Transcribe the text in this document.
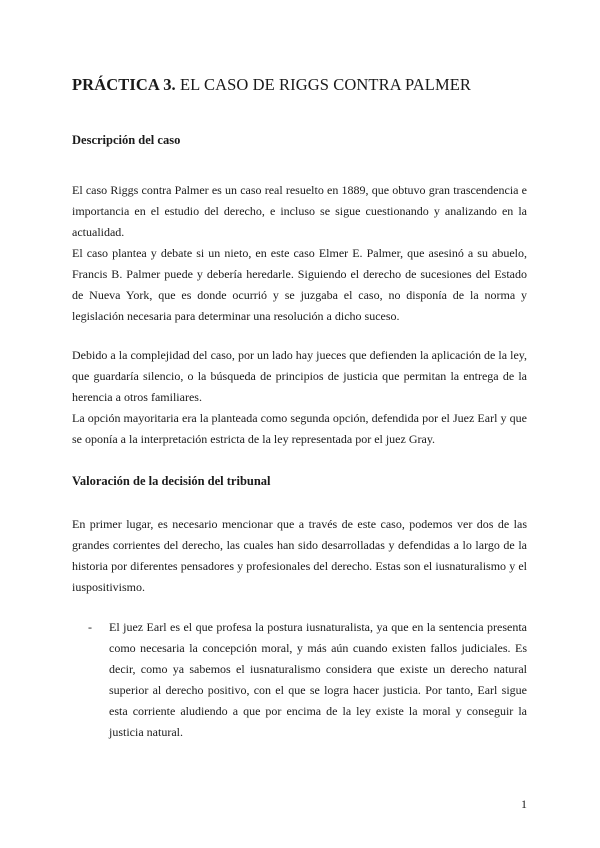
PRÁCTICA 3. EL CASO DE RIGGS CONTRA PALMER
Descripción del caso
El caso Riggs contra Palmer es un caso real resuelto en 1889, que obtuvo gran trascendencia e importancia en el estudio del derecho, e incluso se sigue cuestionando y analizando en la actualidad.
El caso plantea y debate si un nieto, en este caso Elmer E. Palmer, que asesinó a su abuelo, Francis B. Palmer puede y debería heredarle. Siguiendo el derecho de sucesiones del Estado de Nueva York, que es donde ocurrió y se juzgaba el caso, no disponía de la norma y legislación necesaria para determinar una resolución a dicho suceso.
Debido a la complejidad del caso, por un lado hay jueces que defienden la aplicación de la ley, que guardaría silencio, o la búsqueda de principios de justicia que permitan la entrega de la herencia a otros familiares.
La opción mayoritaria era la planteada como segunda opción, defendida por el Juez Earl y que se oponía a la interpretación estricta de la ley representada por el juez Gray.
Valoración de la decisión del tribunal
En primer lugar, es necesario mencionar que a través de este caso, podemos ver dos de las grandes corrientes del derecho, las cuales han sido desarrolladas y defendidas a lo largo de la historia por diferentes pensadores y profesionales del derecho. Estas son el iusnaturalismo y el iuspositivismo.
- El juez Earl es el que profesa la postura iusnaturalista, ya que en la sentencia presenta como necesaria la concepción moral, y más aún cuando existen fallos judiciales. Es decir, como ya sabemos el iusnaturalismo considera que existe un derecho natural superior al derecho positivo, con el que se logra hacer justicia. Por tanto, Earl sigue esta corriente aludiendo a que por encima de la ley existe la moral y conseguir la justicia natural.
1
